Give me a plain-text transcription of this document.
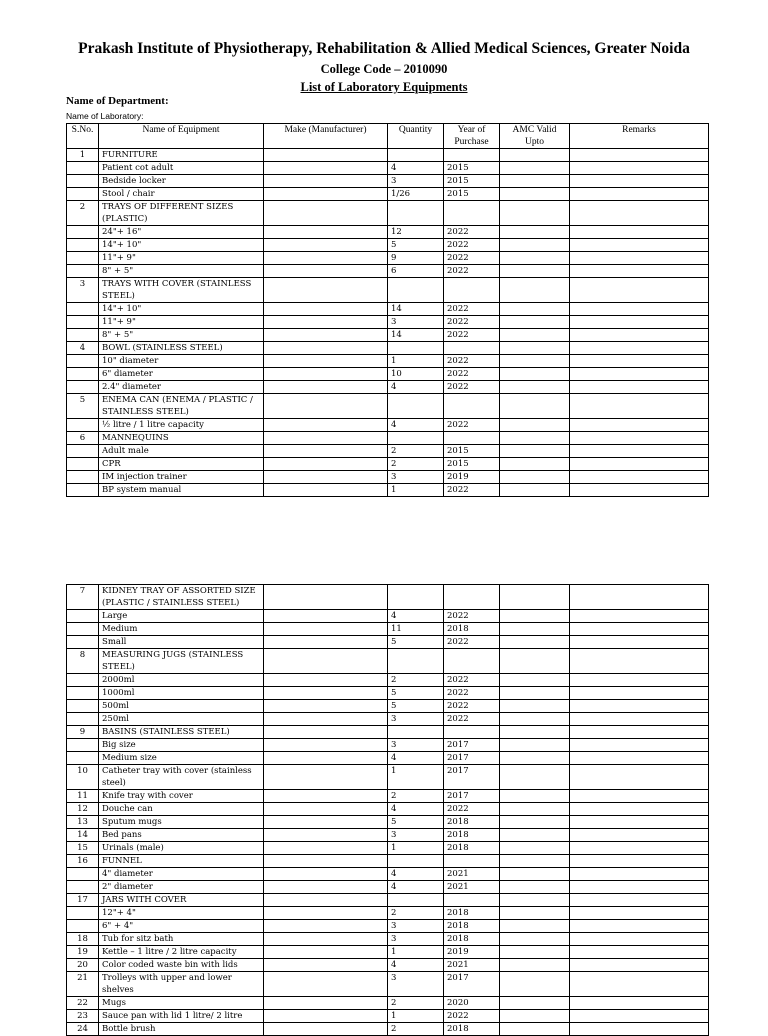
Prakash Institute of Physiotherapy, Rehabilitation & Allied Medical Sciences, Greater Noida
College Code – 2010090
List of Laboratory Equipments
Name of Department:
Name of Laboratory:
S.No.	Name of Equipment	Make (Manufacturer)	Quantity	Year of Purchase	AMC Valid Upto	Remarks
1	FURNITURE					
	Patient cot adult		4	2015		
	Bedside locker		3	2015		
	Stool / chair		1/26	2015		
2	TRAYS OF DIFFERENT SIZES (PLASTIC)					
	24"+ 16"		12	2022		
	14"+ 10"		5	2022		
	11"+ 9"		9	2022		
	8" + 5"		6	2022		
3	TRAYS WITH COVER (STAINLESS STEEL)					
	14"+ 10"		14	2022		
	11"+ 9"		3	2022		
	8" + 5"		14	2022		
4	BOWL (STAINLESS STEEL)					
	10" diameter		1	2022		
	6" diameter		10	2022		
	2.4" diameter		4	2022		
5	ENEMA CAN (ENEMA / PLASTIC / STAINLESS STEEL)					
	½ litre / 1 litre capacity		4	2022		
6	MANNEQUINS					
	Adult male		2	2015		
	CPR		2	2015		
	IM injection trainer		3	2019		
	BP system manual		1	2022		
7	KIDNEY TRAY OF ASSORTED SIZE (PLASTIC / STAINLESS STEEL)					
	Large		4	2022		
	Medium		11	2018		
	Small		5	2022		
8	MEASURING JUGS (STAINLESS STEEL)					
	2000ml		2	2022		
	1000ml		5	2022		
	500ml		5	2022		
	250ml		3	2022		
9	BASINS (STAINLESS STEEL)					
	Big size		3	2017		
	Medium size		4	2017		
10	Catheter tray with cover (stainless steel)		1	2017		
11	Knife tray with cover		2	2017		
12	Douche can		4	2022		
13	Sputum mugs		5	2018		
14	Bed pans		3	2018		
15	Urinals (male)		1	2018		
16	FUNNEL					
	4" diameter		4	2021		
	2" diameter		4	2021		
17	JARS WITH COVER					
	12"+ 4"		2	2018		
	6" + 4"		3	2018		
18	Tub for sitz bath		3	2018		
19	Kettle – 1 litre / 2 litre capacity		1	2019		
20	Color coded waste bin with lids		4	2021		
21	Trolleys with upper and lower shelves		3	2017		
22	Mugs		2	2020		
23	Sauce pan with lid 1 litre/ 2 litre		1	2022		
24	Bottle brush		2	2018		
